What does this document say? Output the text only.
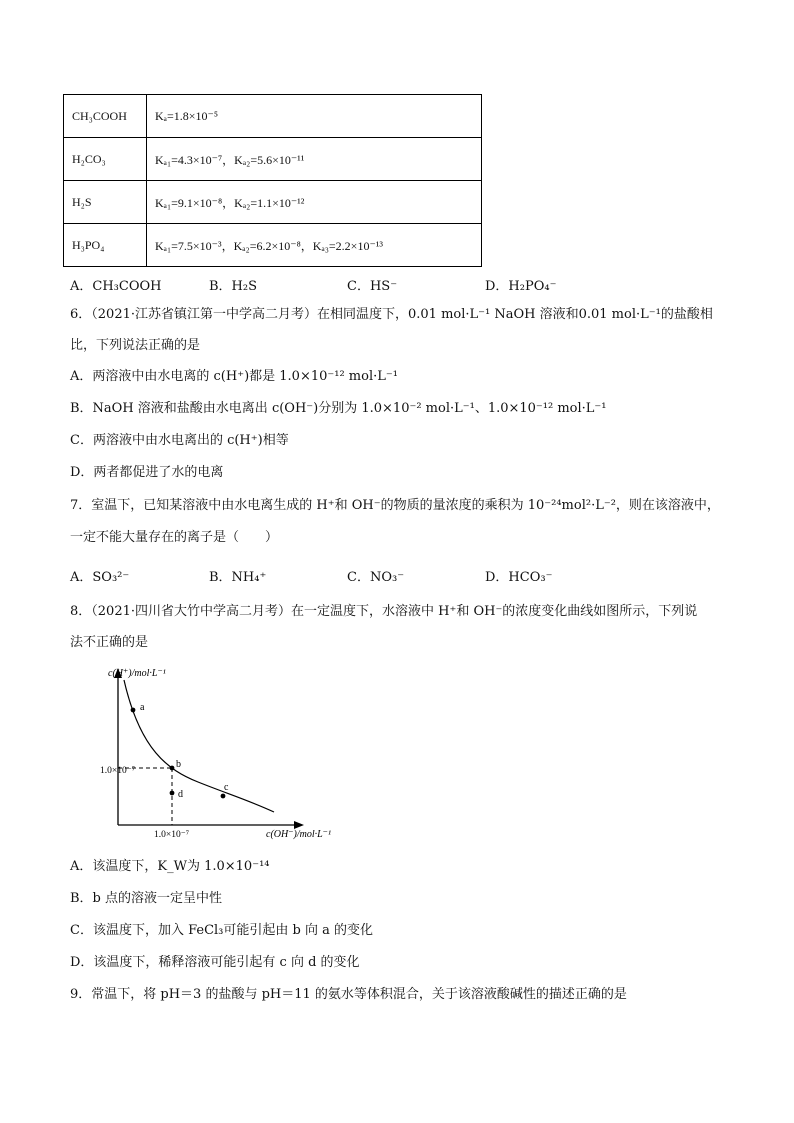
CH₃COOH	Kₐ=1.8×10⁻⁵
H₂CO₃	Kₐ₁=4.3×10⁻⁷，Kₐ₂=5.6×10⁻¹¹
H₂S	Kₐ₁=9.1×10⁻⁸，Kₐ₂=1.1×10⁻¹²
H₃PO₄	Kₐ₁=7.5×10⁻³，Kₐ₂=6.2×10⁻⁸，Kₐ₃=2.2×10⁻¹³
A．CH₃COOH	B．H₂S	C．HS⁻	D．H₂PO₄⁻
6．（2021·江苏省镇江第一中学高二月考）在相同温度下，0.01 mol·L⁻¹ NaOH 溶液和0.01 mol·L⁻¹的盐酸相
比，下列说法正确的是
A．两溶液中由水电离的 c(H⁺)都是 1.0×10⁻¹² mol·L⁻¹
B．NaOH 溶液和盐酸由水电离出 c(OH⁻)分别为 1.0×10⁻² mol·L⁻¹、1.0×10⁻¹² mol·L⁻¹
C．两溶液中由水电离出的 c(H⁺)相等
D．两者都促进了水的电离
7．室温下，已知某溶液中由水电离生成的 H⁺和 OH⁻的物质的量浓度的乘积为 10⁻²⁴mol²·L⁻²，则在该溶液中，
一定不能大量存在的离子是（　　）
A．SO₃²⁻	B．NH₄⁺	C．NO₃⁻	D．HCO₃⁻
8．（2021·四川省大竹中学高二月考）在一定温度下，水溶液中 H⁺和 OH⁻的浓度变化曲线如图所示，下列说
法不正确的是
a
b
c
d
c(H⁺)/mol·L⁻¹
1.0×10⁻⁷
1.0×10⁻⁷	c(OH⁻)/mol·L⁻¹
A．该温度下，K_W为 1.0×10⁻¹⁴
B．b 点的溶液一定呈中性
C．该温度下，加入 FeCl₃可能引起由 b 向 a 的变化
D．该温度下，稀释溶液可能引起有 c 向 d 的变化
9．常温下，将 pH＝3 的盐酸与 pH＝11 的氨水等体积混合，关于该溶液酸碱性的描述正确的是
